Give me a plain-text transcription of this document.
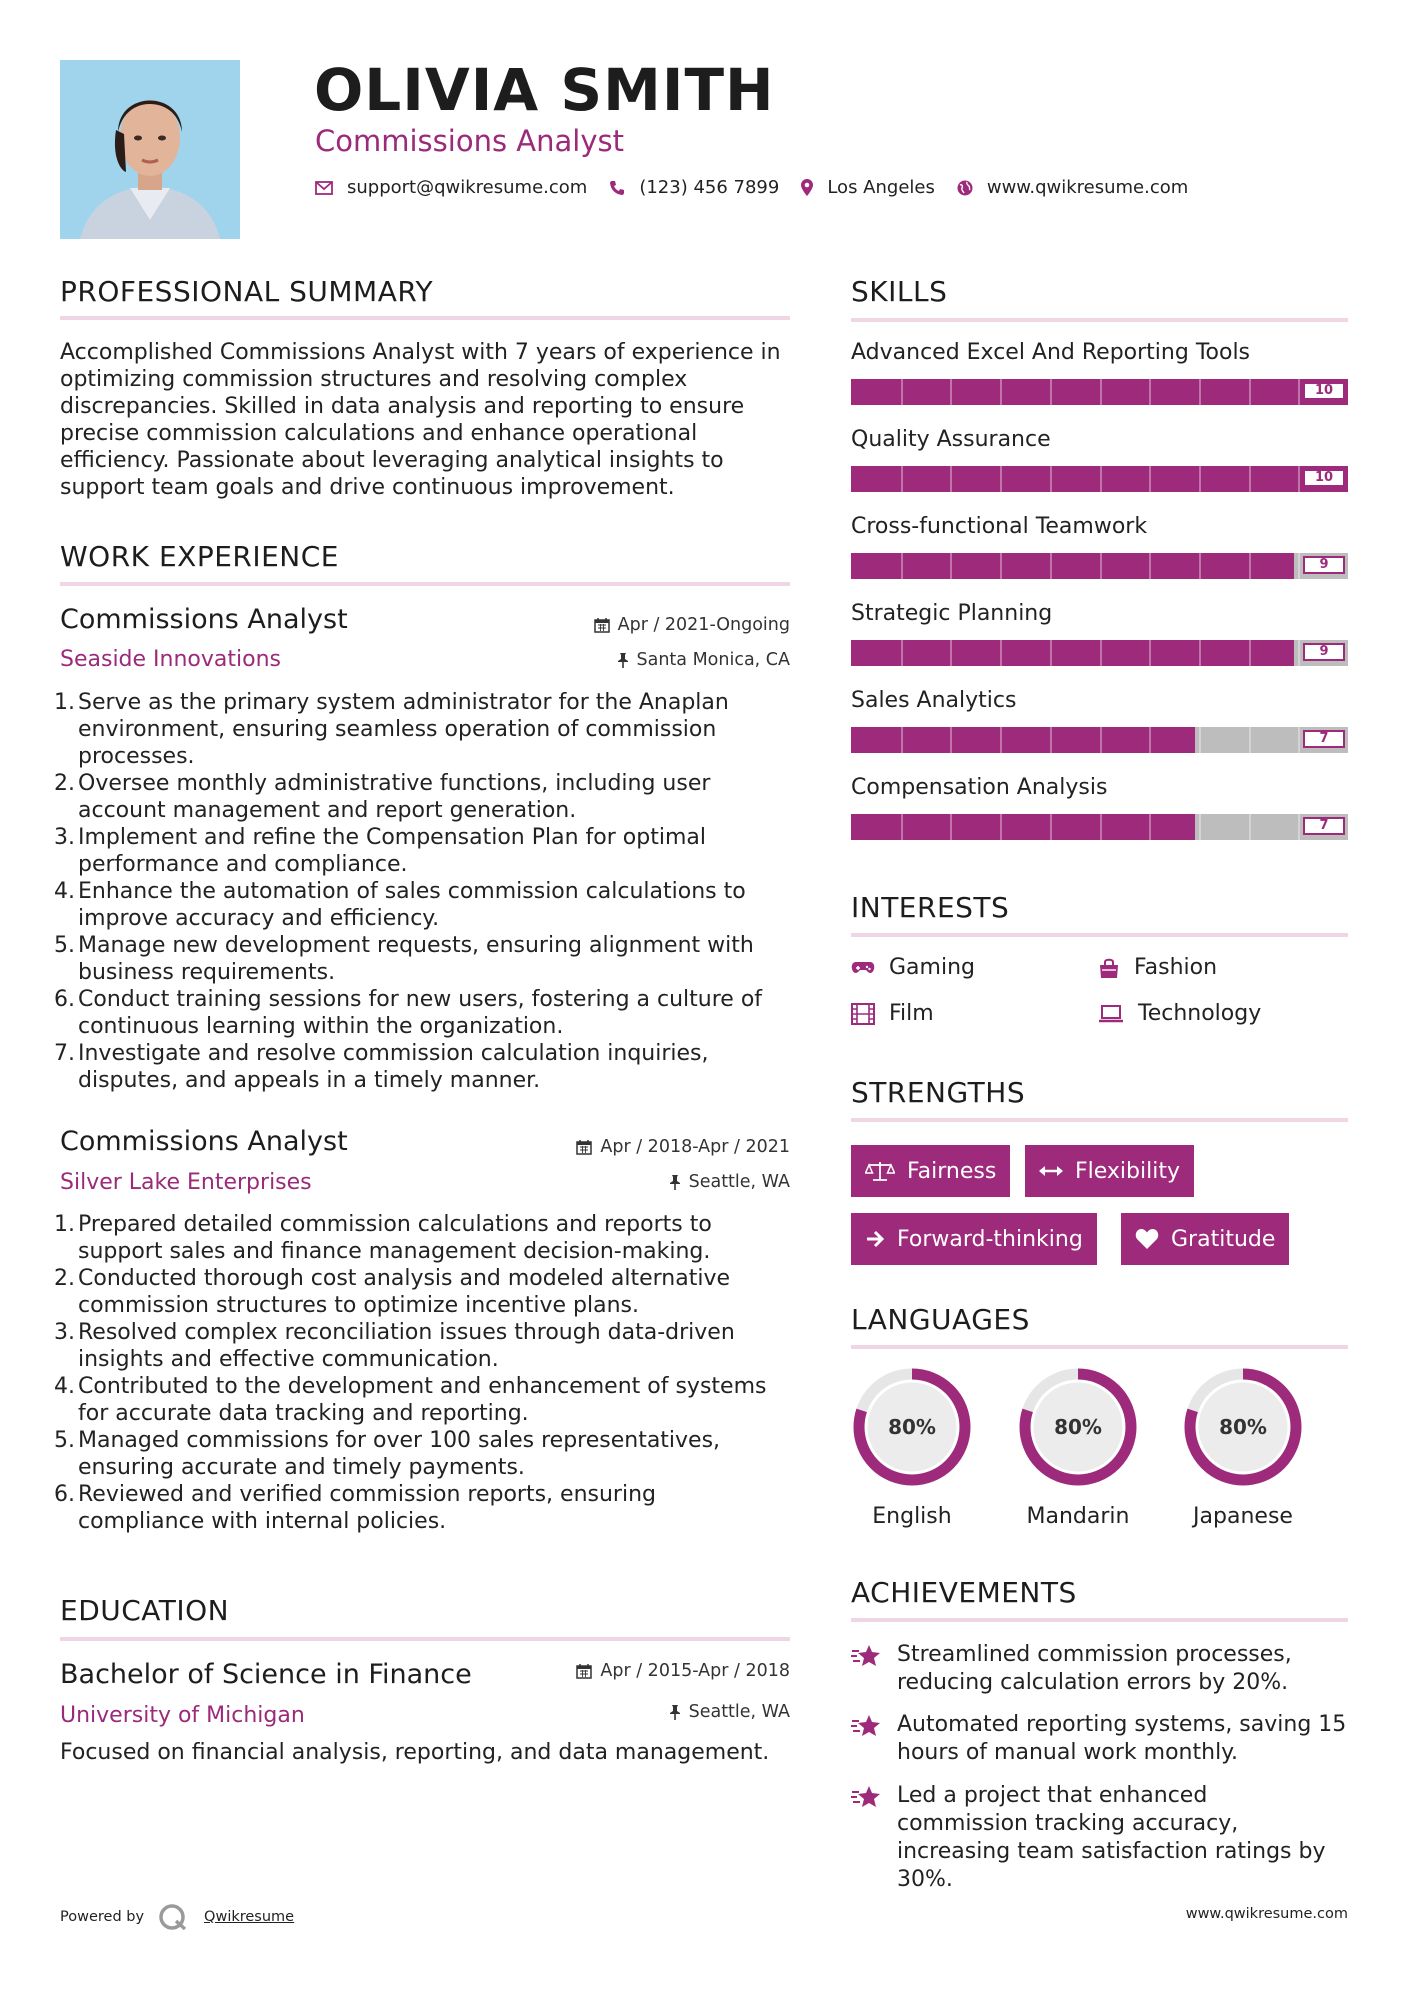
OLIVIA SMITH
Commissions Analyst
support@qwikresume.com	(123) 456 7899	Los Angeles	www.qwikresume.com
PROFESSIONAL SUMMARY
Accomplished Commissions Analyst with 7 years of experience in
optimizing commission structures and resolving complex
discrepancies. Skilled in data analysis and reporting to ensure
precise commission calculations and enhance operational
efficiency. Passionate about leveraging analytical insights to
support team goals and drive continuous improvement.
WORK EXPERIENCE
Commissions Analyst
Seaside Innovations
Apr / 2021-Ongoing
Santa Monica, CA
1. Serve as the primary system administrator for the Anaplan
environment, ensuring seamless operation of commission
processes.
2. Oversee monthly administrative functions, including user
account management and report generation.
3. Implement and refine the Compensation Plan for optimal
performance and compliance.
4. Enhance the automation of sales commission calculations to
improve accuracy and efficiency.
5. Manage new development requests, ensuring alignment with
business requirements.
6. Conduct training sessions for new users, fostering a culture of
continuous learning within the organization.
7. Investigate and resolve commission calculation inquiries,
disputes, and appeals in a timely manner.
Commissions Analyst
Silver Lake Enterprises
Apr / 2018-Apr / 2021
Seattle, WA
1. Prepared detailed commission calculations and reports to
support sales and finance management decision-making.
2. Conducted thorough cost analysis and modeled alternative
commission structures to optimize incentive plans.
3. Resolved complex reconciliation issues through data-driven
insights and effective communication.
4. Contributed to the development and enhancement of systems
for accurate data tracking and reporting.
5. Managed commissions for over 100 sales representatives,
ensuring accurate and timely payments.
6. Reviewed and verified commission reports, ensuring
compliance with internal policies.
EDUCATION
Bachelor of Science in Finance
University of Michigan
Apr / 2015-Apr / 2018
Seattle, WA
Focused on financial analysis, reporting, and data management.
SKILLS
Advanced Excel And Reporting Tools
10
Quality Assurance
10
Cross-functional Teamwork
9
Strategic Planning
9
Sales Analytics
7
Compensation Analysis
7
INTERESTS
Gaming	Fashion
Film	Technology
STRENGTHS
Fairness	Flexibility
Forward-thinking	Gratitude
LANGUAGES
80%
English
80%
Mandarin
80%
Japanese
ACHIEVEMENTS
Streamlined commission processes,
reducing calculation errors by 20%.
Automated reporting systems, saving 15
hours of manual work monthly.
Led a project that enhanced
commission tracking accuracy,
increasing team satisfaction ratings by
30%.
Powered by	Qwikresume	www.qwikresume.com
